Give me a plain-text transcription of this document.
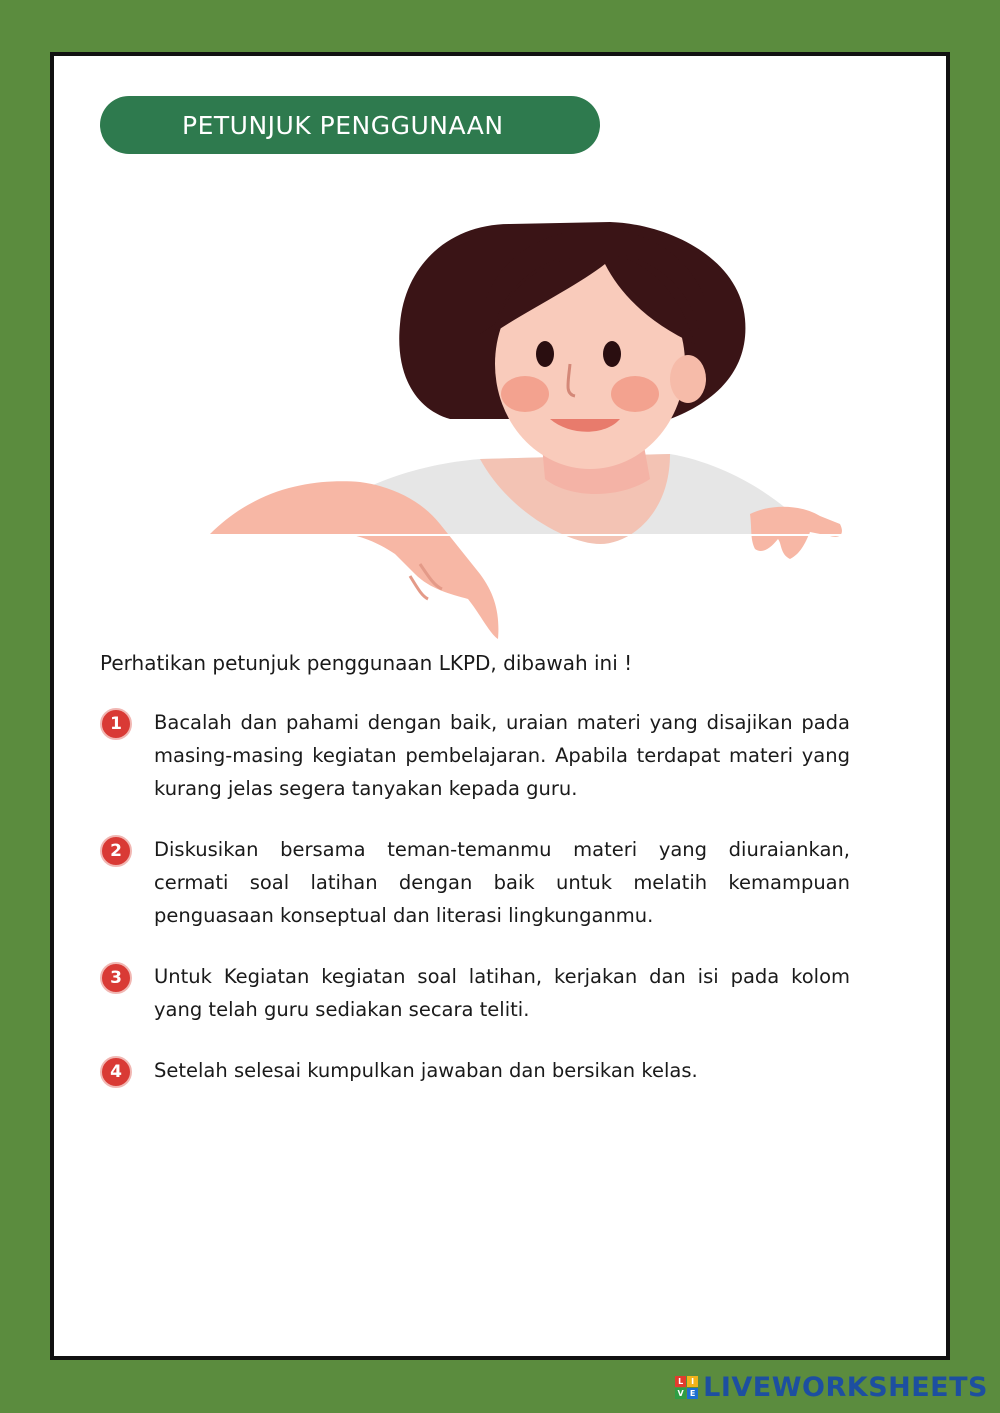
PETUNJUK PENGGUNAAN

Perhatikan petunjuk penggunaan LKPD, dibawah ini !

1	Bacalah dan pahami dengan baik, uraian materi yang disajikan pada masing-masing kegiatan pembelajaran. Apabila terdapat materi yang kurang jelas segera tanyakan kepada guru.

2	Diskusikan bersama teman-temanmu materi yang diuraiankan, cermati soal latihan dengan baik untuk melatih kemampuan penguasaan konseptual dan literasi lingkunganmu.

3	Untuk Kegiatan kegiatan soal latihan, kerjakan dan isi pada kolom yang telah guru sediakan secara teliti.

4	Setelah selesai kumpulkan jawaban dan bersikan kelas.

L I
V E LIVEWORKSHEETS
